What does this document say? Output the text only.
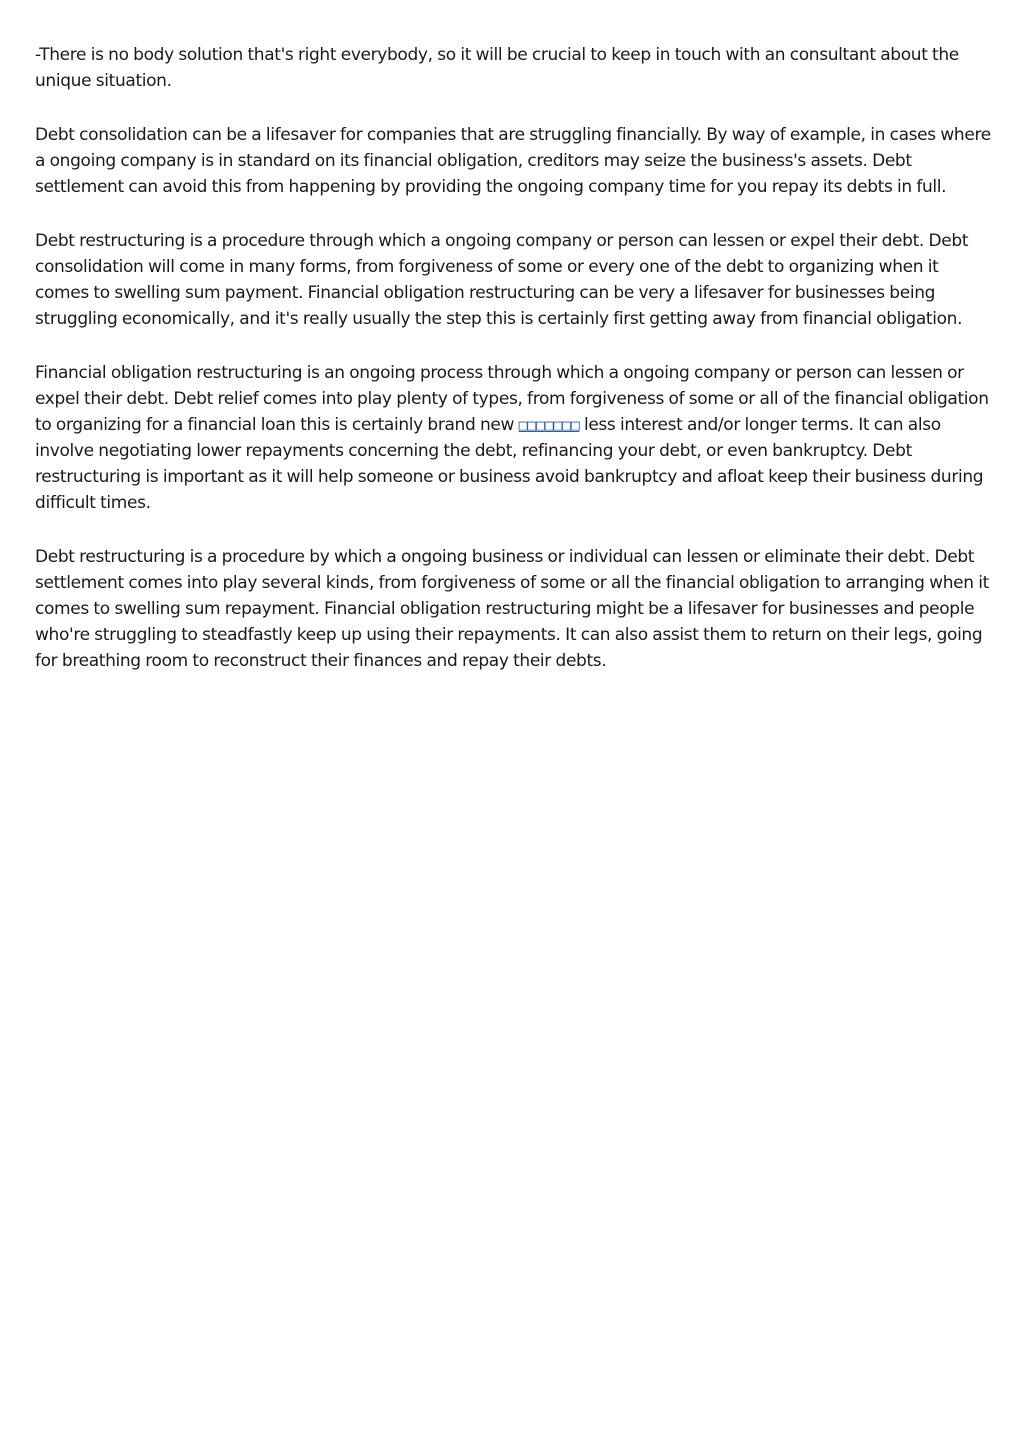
-There is no body solution that's right everybody, so it will be crucial to keep in touch with an consultant about the unique situation.

Debt consolidation can be a lifesaver for companies that are struggling financially. By way of example, in cases where a ongoing company is in standard on its financial obligation, creditors may seize the business's assets. Debt settlement can avoid this from happening by providing the ongoing company time for you repay its debts in full.

Debt restructuring is a procedure through which a ongoing company or person can lessen or expel their debt. Debt consolidation will come in many forms, from forgiveness of some or every one of the debt to organizing when it comes to swelling sum payment. Financial obligation restructuring can be very a lifesaver for businesses being struggling economically, and it's really usually the step this is certainly first getting away from financial obligation.

Financial obligation restructuring is an ongoing process through which a ongoing company or person can lessen or expel their debt. Debt relief comes into play plenty of types, from forgiveness of some or all of the financial obligation to organizing for a financial loan this is certainly brand new □□□□□□□ less interest and/or longer terms. It can also involve negotiating lower repayments concerning the debt, refinancing your debt, or even bankruptcy. Debt restructuring is important as it will help someone or business avoid bankruptcy and afloat keep their business during difficult times.

Debt restructuring is a procedure by which a ongoing business or individual can lessen or eliminate their debt. Debt settlement comes into play several kinds, from forgiveness of some or all the financial obligation to arranging when it comes to swelling sum repayment. Financial obligation restructuring might be a lifesaver for businesses and people who're struggling to steadfastly keep up using their repayments. It can also assist them to return on their legs, going for breathing room to reconstruct their finances and repay their debts.
